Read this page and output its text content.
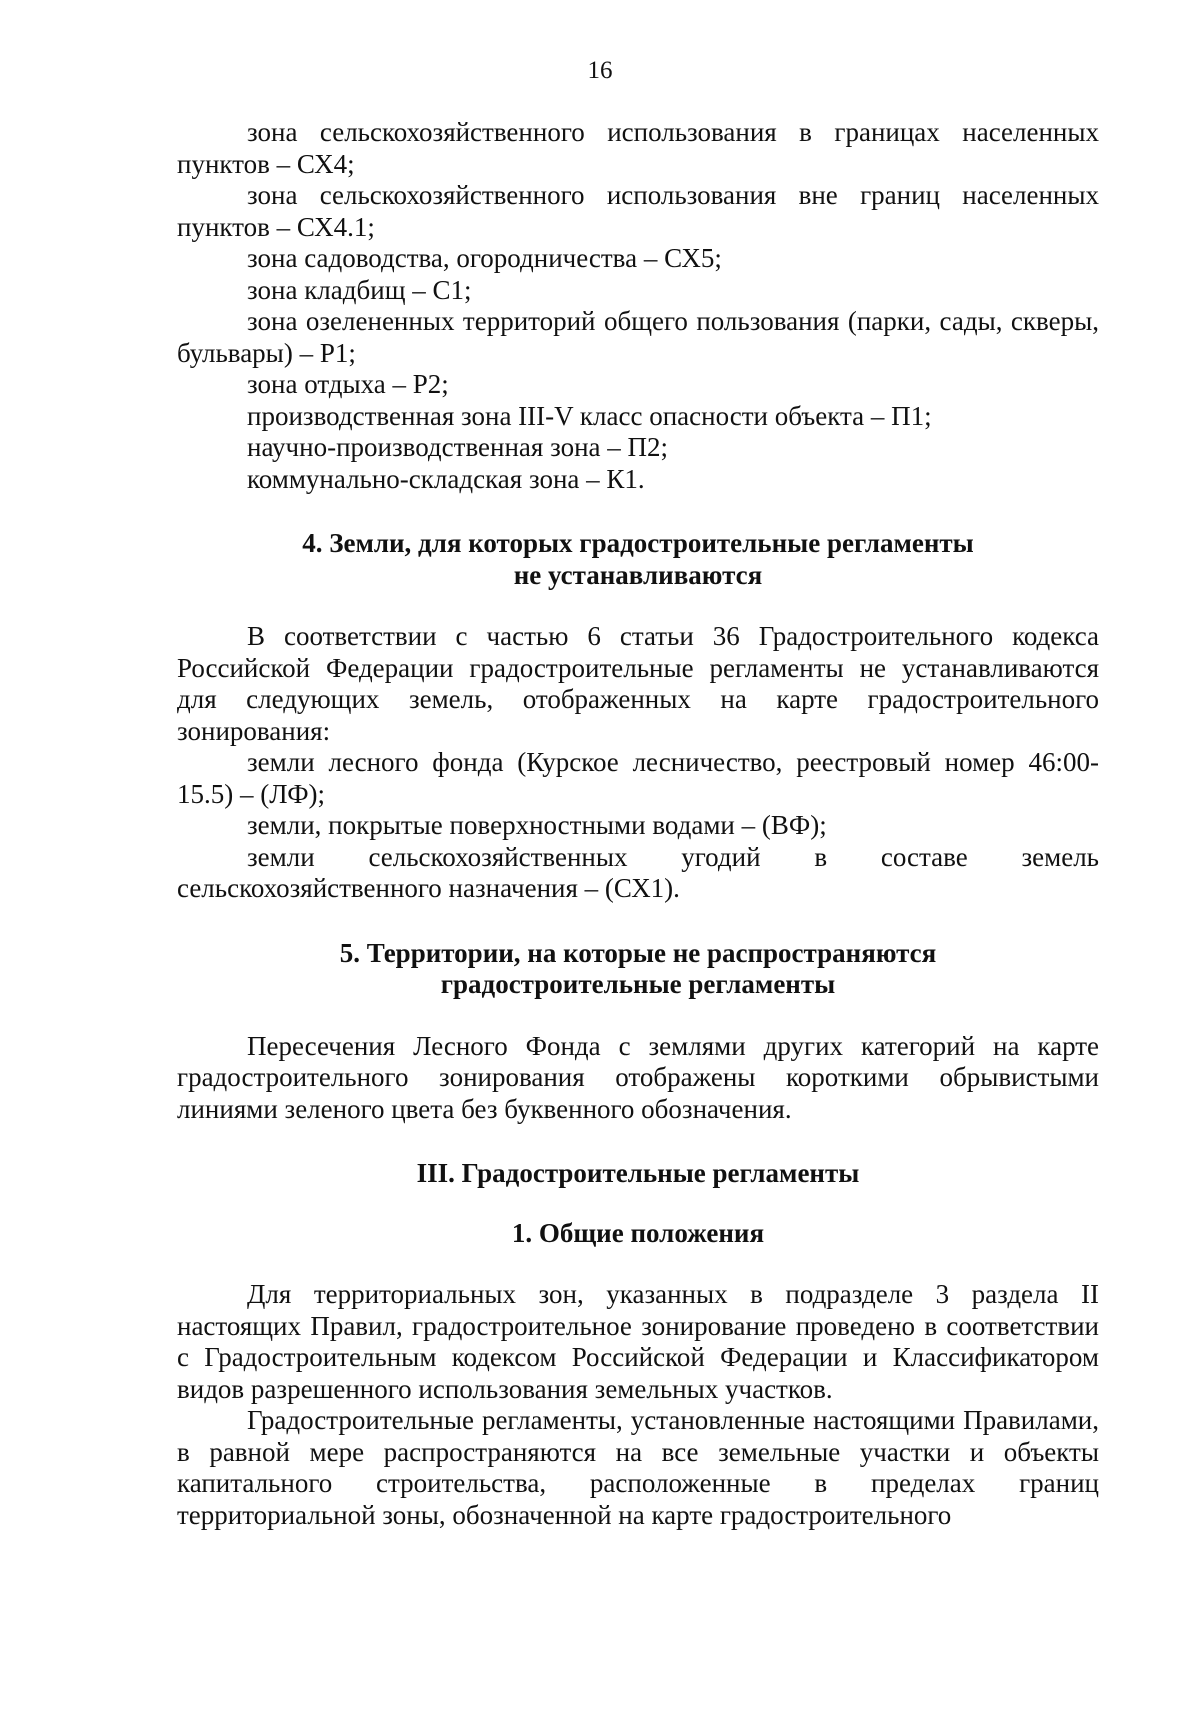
16

зона сельскохозяйственного использования в границах населенных пунктов – СХ4;

зона сельскохозяйственного использования вне границ населенных пунктов – СХ4.1;

зона садоводства, огородничества – СХ5;

зона кладбищ – С1;

зона озелененных территорий общего пользования (парки, сады, скверы, бульвары) – Р1;

зона отдыха – Р2;

производственная зона III-V класс опасности объекта – П1;

научно-производственная зона – П2;

коммунально-складская зона – К1.

4. Земли, для которых градостроительные регламенты

не устанавливаются

В соответствии с частью 6 статьи 36 Градостроительного кодекса Российской Федерации градостроительные регламенты не устанавливаются для следующих земель, отображенных на карте градостроительного зонирования:

земли лесного фонда (Курское лесничество, реестровый номер 46:00-15.5) – (ЛФ);

земли, покрытые поверхностными водами – (ВФ);

земли сельскохозяйственных угодий в составе земель сельскохозяйственного назначения – (СХ1).

5. Территории, на которые не распространяются

градостроительные регламенты

Пересечения Лесного Фонда с землями других категорий на карте градостроительного зонирования отображены короткими обрывистыми линиями зеленого цвета без буквенного обозначения.

III. Градостроительные регламенты

1. Общие положения

Для территориальных зон, указанных в подразделе 3 раздела II настоящих Правил, градостроительное зонирование проведено в соответствии с Градостроительным кодексом Российской Федерации и Классификатором видов разрешенного использования земельных участков.

Градостроительные регламенты, установленные настоящими Правилами, в равной мере распространяются на все земельные участки и объекты капитального строительства, расположенные в пределах границ территориальной зоны, обозначенной на карте градостроительного
